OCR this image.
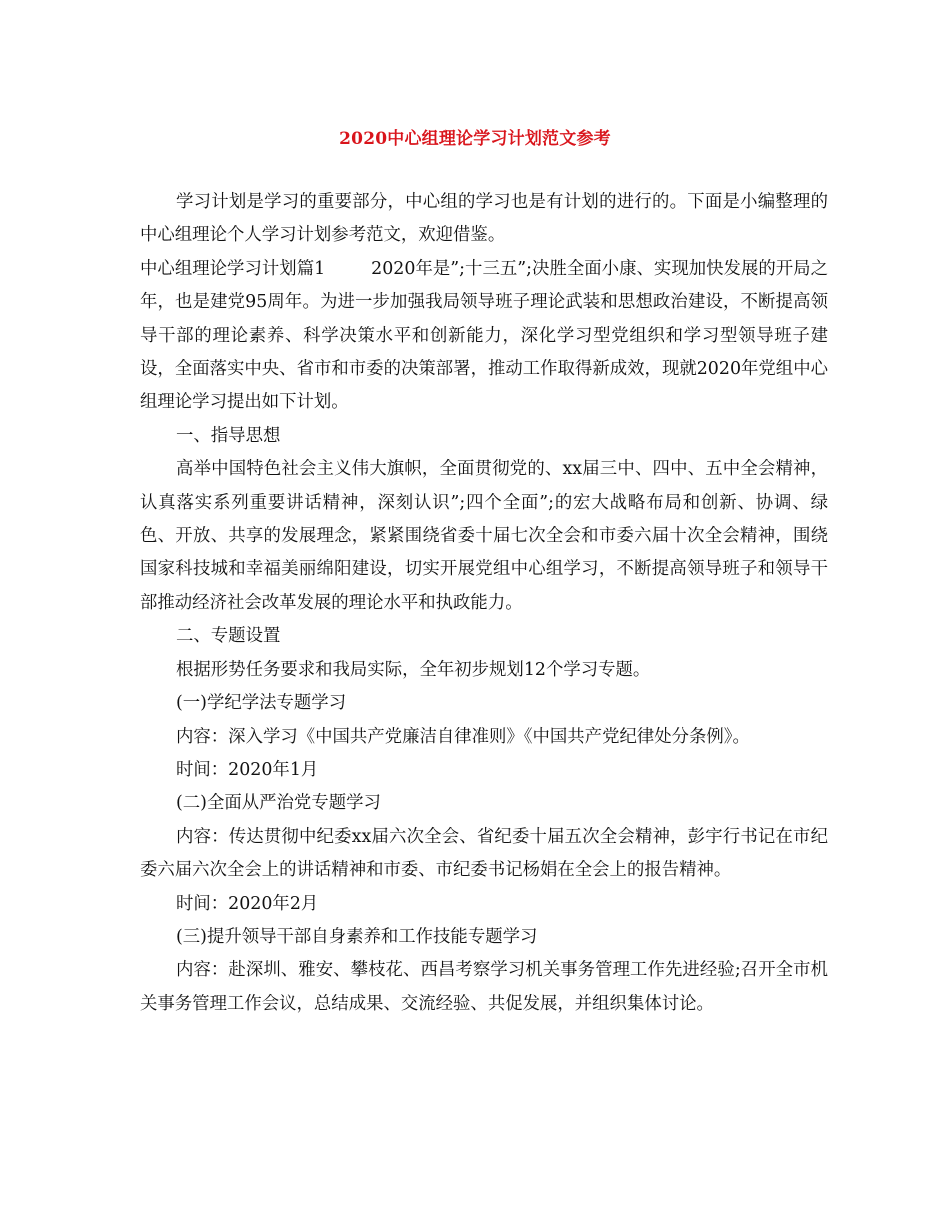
2020中心组理论学习计划范文参考

学习计划是学习的重要部分，中心组的学习也是有计划的进行的。下面是小编整理的中心组理论个人学习计划参考范文，欢迎借鉴。

中心组理论学习计划篇1	2020年是”;十三五”;决胜全面小康、实现加快发展的开局之年，也是建党95周年。为进一步加强我局领导班子理论武装和思想政治建设，不断提高领导干部的理论素养、科学决策水平和创新能力，深化学习型党组织和学习型领导班子建设，全面落实中央、省市和市委的决策部署，推动工作取得新成效，现就2020年党组中心组理论学习提出如下计划。

一、指导思想

高举中国特色社会主义伟大旗帜，全面贯彻党的、xx届三中、四中、五中全会精神，认真落实系列重要讲话精神，深刻认识”;四个全面”;的宏大战略布局和创新、协调、绿色、开放、共享的发展理念，紧紧围绕省委十届七次全会和市委六届十次全会精神，围绕国家科技城和幸福美丽绵阳建设，切实开展党组中心组学习，不断提高领导班子和领导干部推动经济社会改革发展的理论水平和执政能力。

二、专题设置

根据形势任务要求和我局实际，全年初步规划12个学习专题。

(一)学纪学法专题学习

内容：深入学习《中国共产党廉洁自律准则》《中国共产党纪律处分条例》。

时间：2020年1月

(二)全面从严治党专题学习

内容：传达贯彻中纪委xx届六次全会、省纪委十届五次全会精神，彭宇行书记在市纪委六届六次全会上的讲话精神和市委、市纪委书记杨娟在全会上的报告精神。

时间：2020年2月

(三)提升领导干部自身素养和工作技能专题学习

内容：赴深圳、雅安、攀枝花、西昌考察学习机关事务管理工作先进经验;召开全市机关事务管理工作会议，总结成果、交流经验、共促发展，并组织集体讨论。
